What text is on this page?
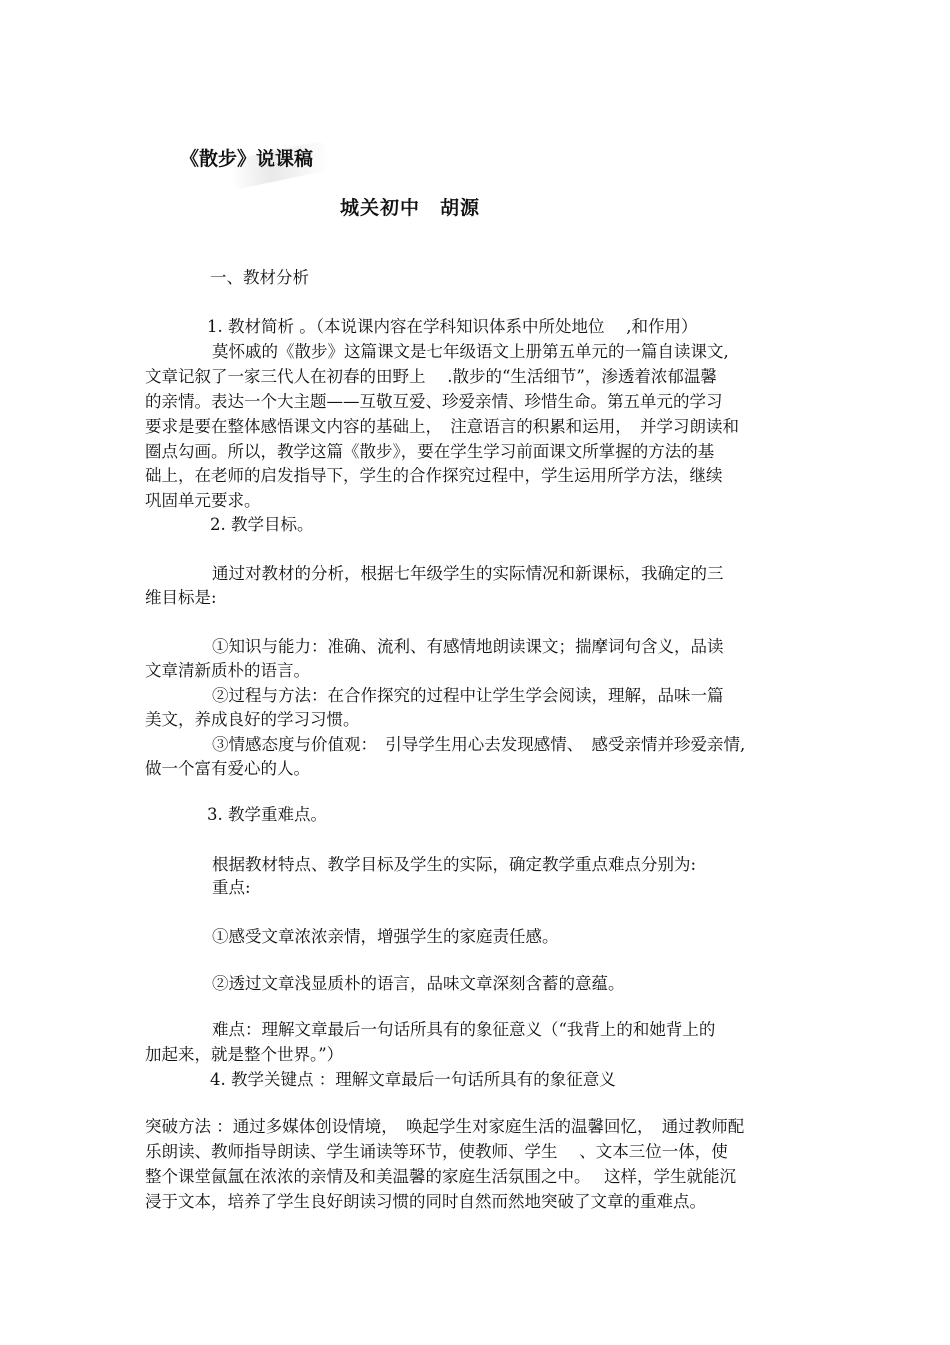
《散步》说课稿
城关初中　胡源
一、教材分析
1. 教材简析 。（本说课内容在学科知识体系中所处地位　 ,和作用）
莫怀戚的《散步》这篇课文是七年级语文上册第五单元的一篇自读课文,
文章记叙了一家三代人在初春的田野上　 .散步的“生活细节”，渗透着浓郁温馨
的亲情。表达一个大主题——互敬互爱、珍爱亲情、珍惜生命。第五单元的学习
要求是要在整体感悟课文内容的基础上，　注意语言的积累和运用，　并学习朗读和
圈点勾画。所以，教学这篇《散步》，要在学生学习前面课文所掌握的方法的基
础上，在老师的启发指导下，学生的合作探究过程中，学生运用所学方法，继续
巩固单元要求。
2. 教学目标。
通过对教材的分析，根据七年级学生的实际情况和新课标，我确定的三
维目标是:
①知识与能力：准确、流利、有感情地朗读课文；揣摩词句含义，品读
文章清新质朴的语言。
②过程与方法：在合作探究的过程中让学生学会阅读，理解，品味一篇
美文，养成良好的学习习惯。
③情感态度与价值观：　引导学生用心去发现感情、　感受亲情并珍爱亲情,
做一个富有爱心的人。
3. 教学重难点。
根据教材特点、教学目标及学生的实际，确定教学重点难点分别为:
重点:
①感受文章浓浓亲情，增强学生的家庭责任感。
②透过文章浅显质朴的语言，品味文章深刻含蓄的意蕴。
难点：理解文章最后一句话所具有的象征意义（“我背上的和她背上的
加起来，就是整个世界。”）
4. 教学关键点 ：理解文章最后一句话所具有的象征意义
突破方法 ：通过多媒体创设情境，　唤起学生对家庭生活的温馨回忆，　通过教师配
乐朗读、教师指导朗读、学生诵读等环节，使教师、学生　 、文本三位一体，使
整个课堂氤氲在浓浓的亲情及和美温馨的家庭生活氛围之中。　 这样，学生就能沉
浸于文本，培养了学生良好朗读习惯的同时自然而然地突破了文章的重难点。
